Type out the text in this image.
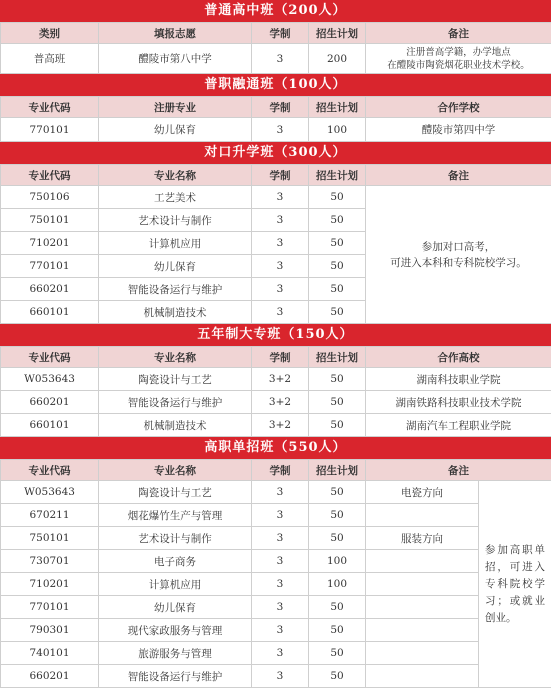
普通高中班（200人）
类别	填报志愿	学制	招生计划	备注
普高班	醴陵市第八中学	3	200	注册普高学籍，办学地点
在醴陵市陶瓷烟花职业技术学校。
普职融通班（100人）
专业代码	注册专业	学制	招生计划	合作学校
770101	幼儿保育	3	100	醴陵市第四中学
对口升学班（300人）
专业代码	专业名称	学制	招生计划	备注
750106	工艺美术	3	50	参加对口高考，
可进入本科和专科院校学习。
750101	艺术设计与制作	3	50	
710201	计算机应用	3	50	
770101	幼儿保育	3	50	
660201	智能设备运行与维护	3	50	
660101	机械制造技术	3	50	
五年制大专班（150人）
专业代码	专业名称	学制	招生计划	合作高校
W053643	陶瓷设计与工艺	3+2	50	湖南科技职业学院
660201	智能设备运行与维护	3+2	50	湖南铁路科技职业技术学院
660101	机械制造技术	3+2	50	湖南汽车工程职业学院
高职单招班（550人）
专业代码	专业名称	学制	招生计划	备注	
W053643	陶瓷设计与工艺	3	50	电瓷方向	参加高职单招，可进入专科院校学习；或就业创业。
670211	烟花爆竹生产与管理	3	50		
750101	艺术设计与制作	3	50	服装方向	
730701	电子商务	3	100		
710201	计算机应用	3	100		
770101	幼儿保育	3	50		
790301	现代家政服务与管理	3	50		
740101	旅游服务与管理	3	50		
660201	智能设备运行与维护	3	50		
